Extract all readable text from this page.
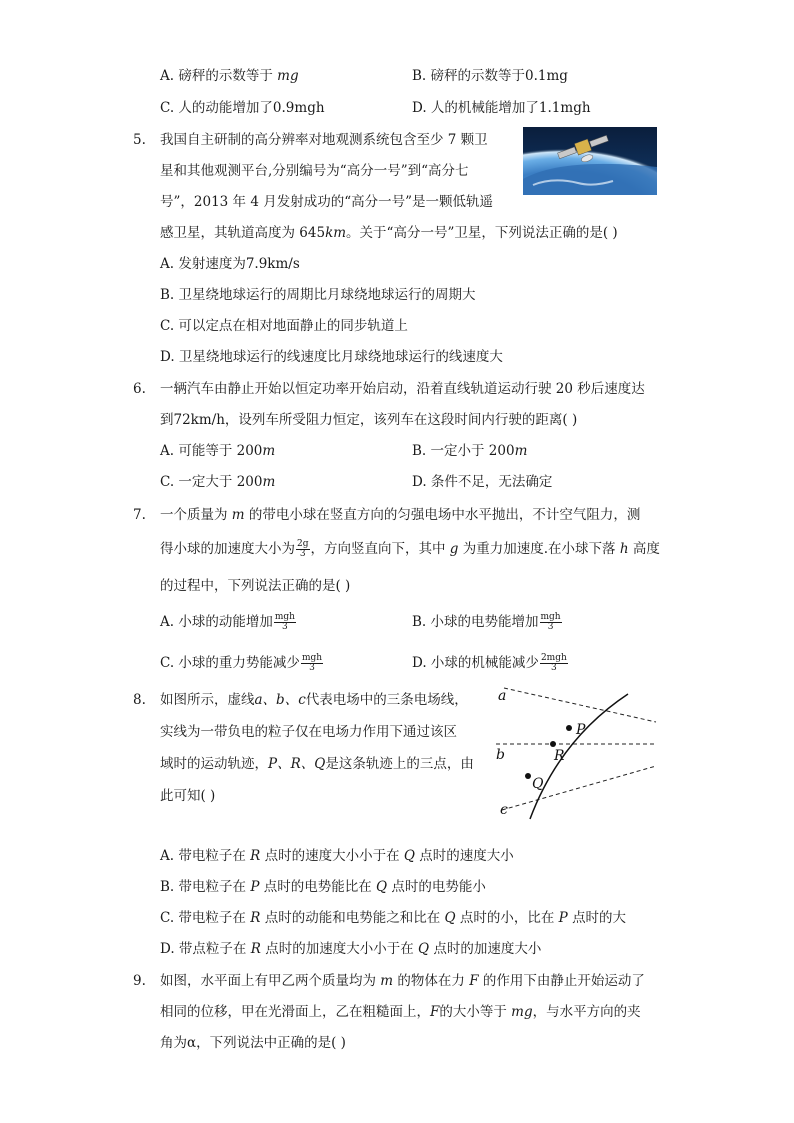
A. 磅秤的示数等于 mg	B. 磅秤的示数等于0.1mg
C. 人的动能增加了0.9mgh	D. 人的机械能增加了1.1mgh
5. 我国自主研制的高分辨率对地观测系统包含至少 7 颗卫
星和其他观测平台,分别编号为“高分一号”到“高分七
号”，2013 年 4 月发射成功的“高分一号”是一颗低轨遥
感卫星，其轨道高度为 645km。关于“高分一号”卫星，下列说法正确的是( )
A. 发射速度为7.9km/s
B. 卫星绕地球运行的周期比月球绕地球运行的周期大
C. 可以定点在相对地面静止的同步轨道上
D. 卫星绕地球运行的线速度比月球绕地球运行的线速度大
6. 一辆汽车由静止开始以恒定功率开始启动，沿着直线轨道运动行驶 20 秒后速度达
到72km/h，设列车所受阻力恒定，该列车在这段时间内行驶的距离( )
A. 可能等于 200m	B. 一定小于 200m
C. 一定大于 200m	D. 条件不足，无法确定
7. 一个质量为 m 的带电小球在竖直方向的匀强电场中水平抛出，不计空气阻力，测
得小球的加速度大小为 $\frac{2g}{3}$ ，方向竖直向下，其中 g 为重力加速度.在小球下落 h 高度
的过程中，下列说法正确的是( )
A. 小球的动能增加 $\frac{\text{mgh}}{3}$	B. 小球的电势能增加 $\frac{\text{mgh}}{3}$
C. 小球的重力势能减少 $\frac{\text{mgh}}{3}$	D. 小球的机械能减少 $\frac{\text{2mgh}}{3}$
8. 如图所示，虚线a、b、c代表电场中的三条电场线，
实线为一带负电的粒子仅在电场力作用下通过该区
域时的运动轨迹，P、R、Q是这条轨迹上的三点，由
此可知( )
a
b
c
P
R
Q
A. 带电粒子在 R 点时的速度大小小于在 Q 点时的速度大小
B. 带电粒子在 P 点时的电势能比在 Q 点时的电势能小
C. 带电粒子在 R 点时的动能和电势能之和比在 Q 点时的小，比在 P 点时的大
D. 带点粒子在 R 点时的加速度大小小于在 Q 点时的加速度大小
9. 如图，水平面上有甲乙两个质量均为 m 的物体在力 F 的作用下由静止开始运动了
相同的位移，甲在光滑面上，乙在粗糙面上，F的大小等于 mg，与水平方向的夹
角为α，下列说法中正确的是( )
